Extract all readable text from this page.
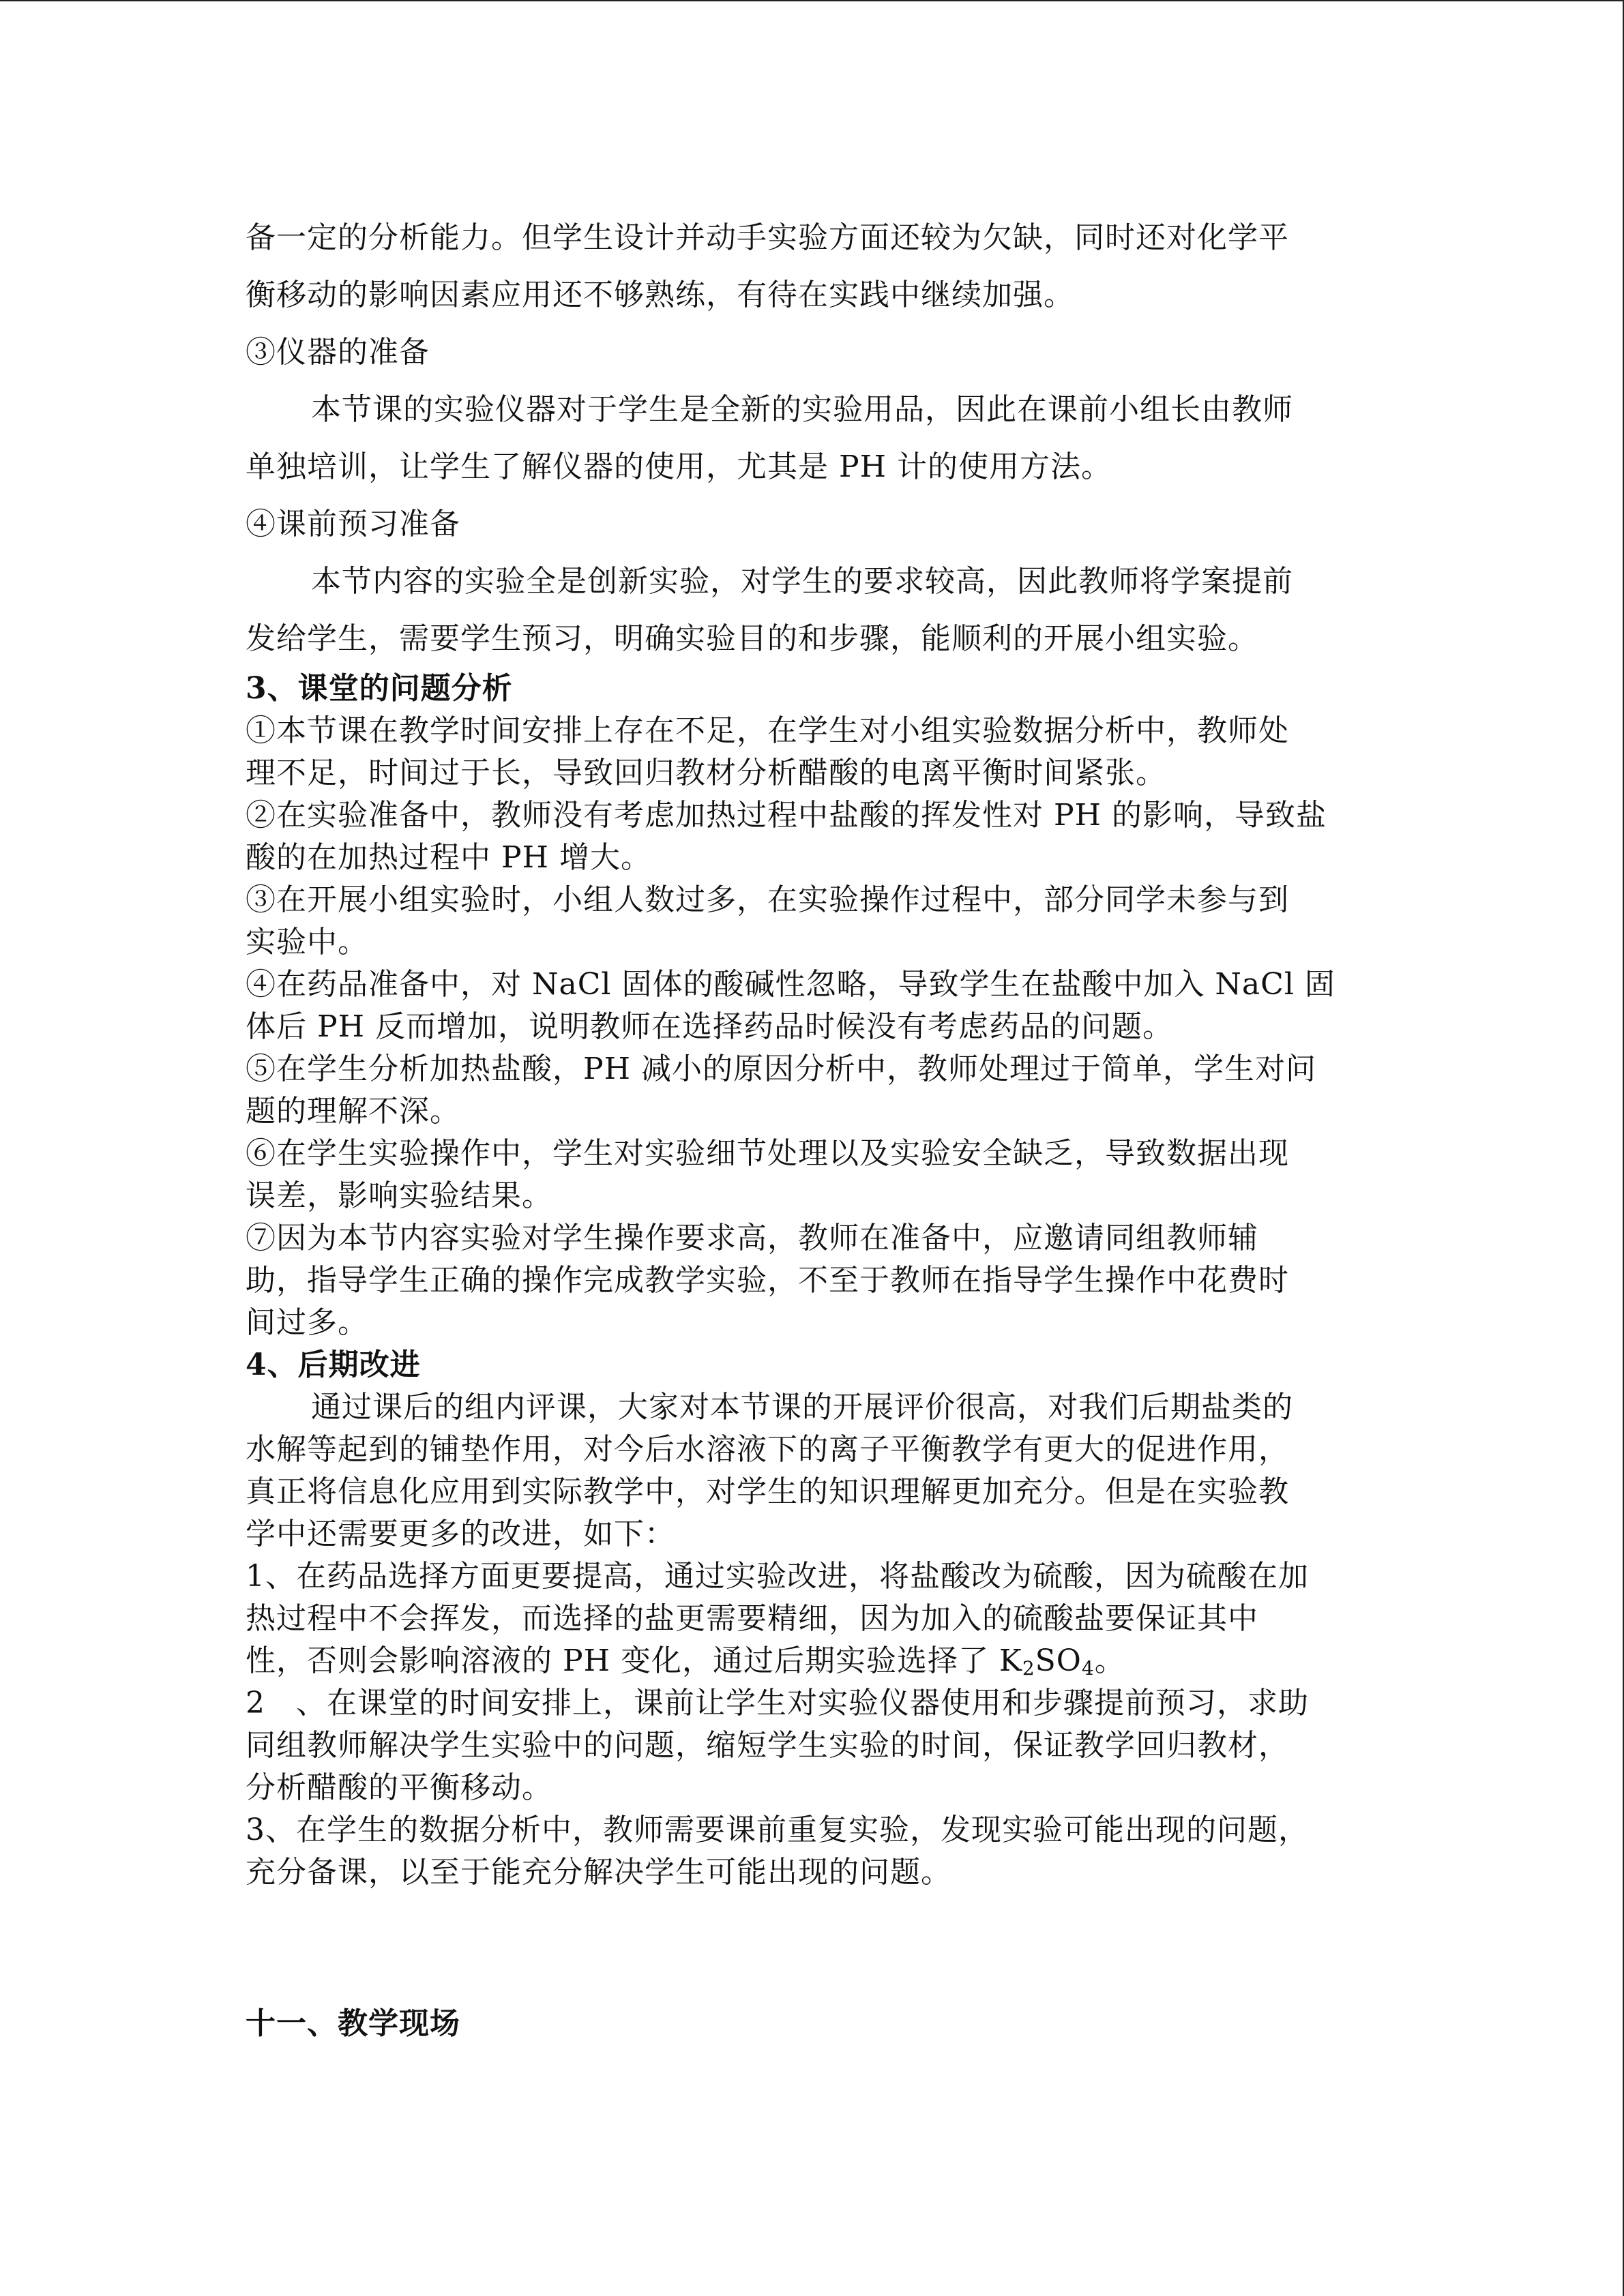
备一定的分析能力。但学生设计并动手实验方面还较为欠缺，同时还对化学平
衡移动的影响因素应用还不够熟练，有待在实践中继续加强。
③仪器的准备
本节课的实验仪器对于学生是全新的实验用品，因此在课前小组长由教师
单独培训，让学生了解仪器的使用，尤其是 PH 计的使用方法。
④课前预习准备
本节内容的实验全是创新实验，对学生的要求较高，因此教师将学案提前
发给学生，需要学生预习，明确实验目的和步骤，能顺利的开展小组实验。
3、课堂的问题分析
①本节课在教学时间安排上存在不足，在学生对小组实验数据分析中，教师处
理不足，时间过于长，导致回归教材分析醋酸的电离平衡时间紧张。
②在实验准备中，教师没有考虑加热过程中盐酸的挥发性对 PH 的影响，导致盐
酸的在加热过程中 PH 增大。
③在开展小组实验时，小组人数过多，在实验操作过程中，部分同学未参与到
实验中。
④在药品准备中，对 NaCl 固体的酸碱性忽略，导致学生在盐酸中加入 NaCl 固
体后 PH 反而增加，说明教师在选择药品时候没有考虑药品的问题。
⑤在学生分析加热盐酸，PH 减小的原因分析中，教师处理过于简单，学生对问
题的理解不深。
⑥在学生实验操作中，学生对实验细节处理以及实验安全缺乏，导致数据出现
误差，影响实验结果。
⑦因为本节内容实验对学生操作要求高，教师在准备中，应邀请同组教师辅
助，指导学生正确的操作完成教学实验，不至于教师在指导学生操作中花费时
间过多。
4、后期改进
通过课后的组内评课，大家对本节课的开展评价很高，对我们后期盐类的
水解等起到的铺垫作用，对今后水溶液下的离子平衡教学有更大的促进作用，
真正将信息化应用到实际教学中，对学生的知识理解更加充分。但是在实验教
学中还需要更多的改进，如下：
1、在药品选择方面更要提高，通过实验改进，将盐酸改为硫酸，因为硫酸在加
热过程中不会挥发，而选择的盐更需要精细，因为加入的硫酸盐要保证其中
性，否则会影响溶液的 PH 变化，通过后期实验选择了 $K_2SO_4$。
2　、在课堂的时间安排上，课前让学生对实验仪器使用和步骤提前预习，求助
同组教师解决学生实验中的问题，缩短学生实验的时间，保证教学回归教材，
分析醋酸的平衡移动。
3、在学生的数据分析中，教师需要课前重复实验，发现实验可能出现的问题，
充分备课，以至于能充分解决学生可能出现的问题。
十一、教学现场
